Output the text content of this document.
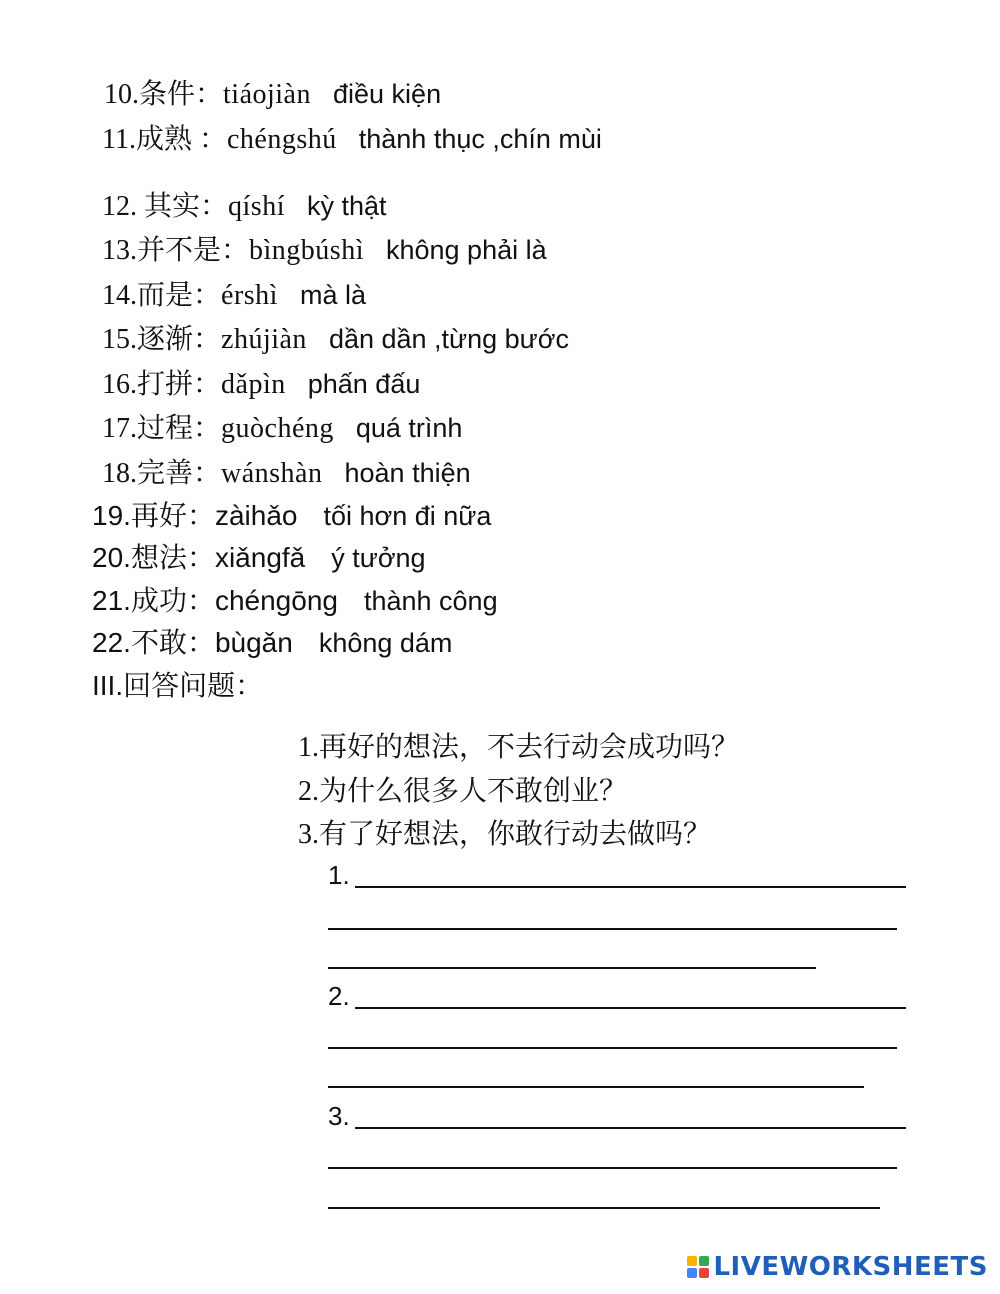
10.条件：tiáojiàn điều kiện
11.成熟 ：chéngshú thành thục ,chín mùi
12. 其实：qíshí kỳ thật
13.并不是：bìngbúshì không phải là
14.而是：érshì mà là
15.逐渐：zhújiàn dần dần ,từng bước
16.打拼：dǎpìn phấn đấu
17.过程：guòchéng quá trình
18.完善：wánshàn hoàn thiện
19.再好：zàihǎo tối hơn đi nữa
20.想法：xiǎngfǎ ý tưởng
21.成功：chéngōng thành công
22.不敢：bùgǎn không dám
III.回答问题：
1.再好的想法，不去行动会成功吗？
2.为什么很多人不敢创业？
3.有了好想法，你敢行动去做吗？
1.
2.
3.
LIVEWORKSHEETS
